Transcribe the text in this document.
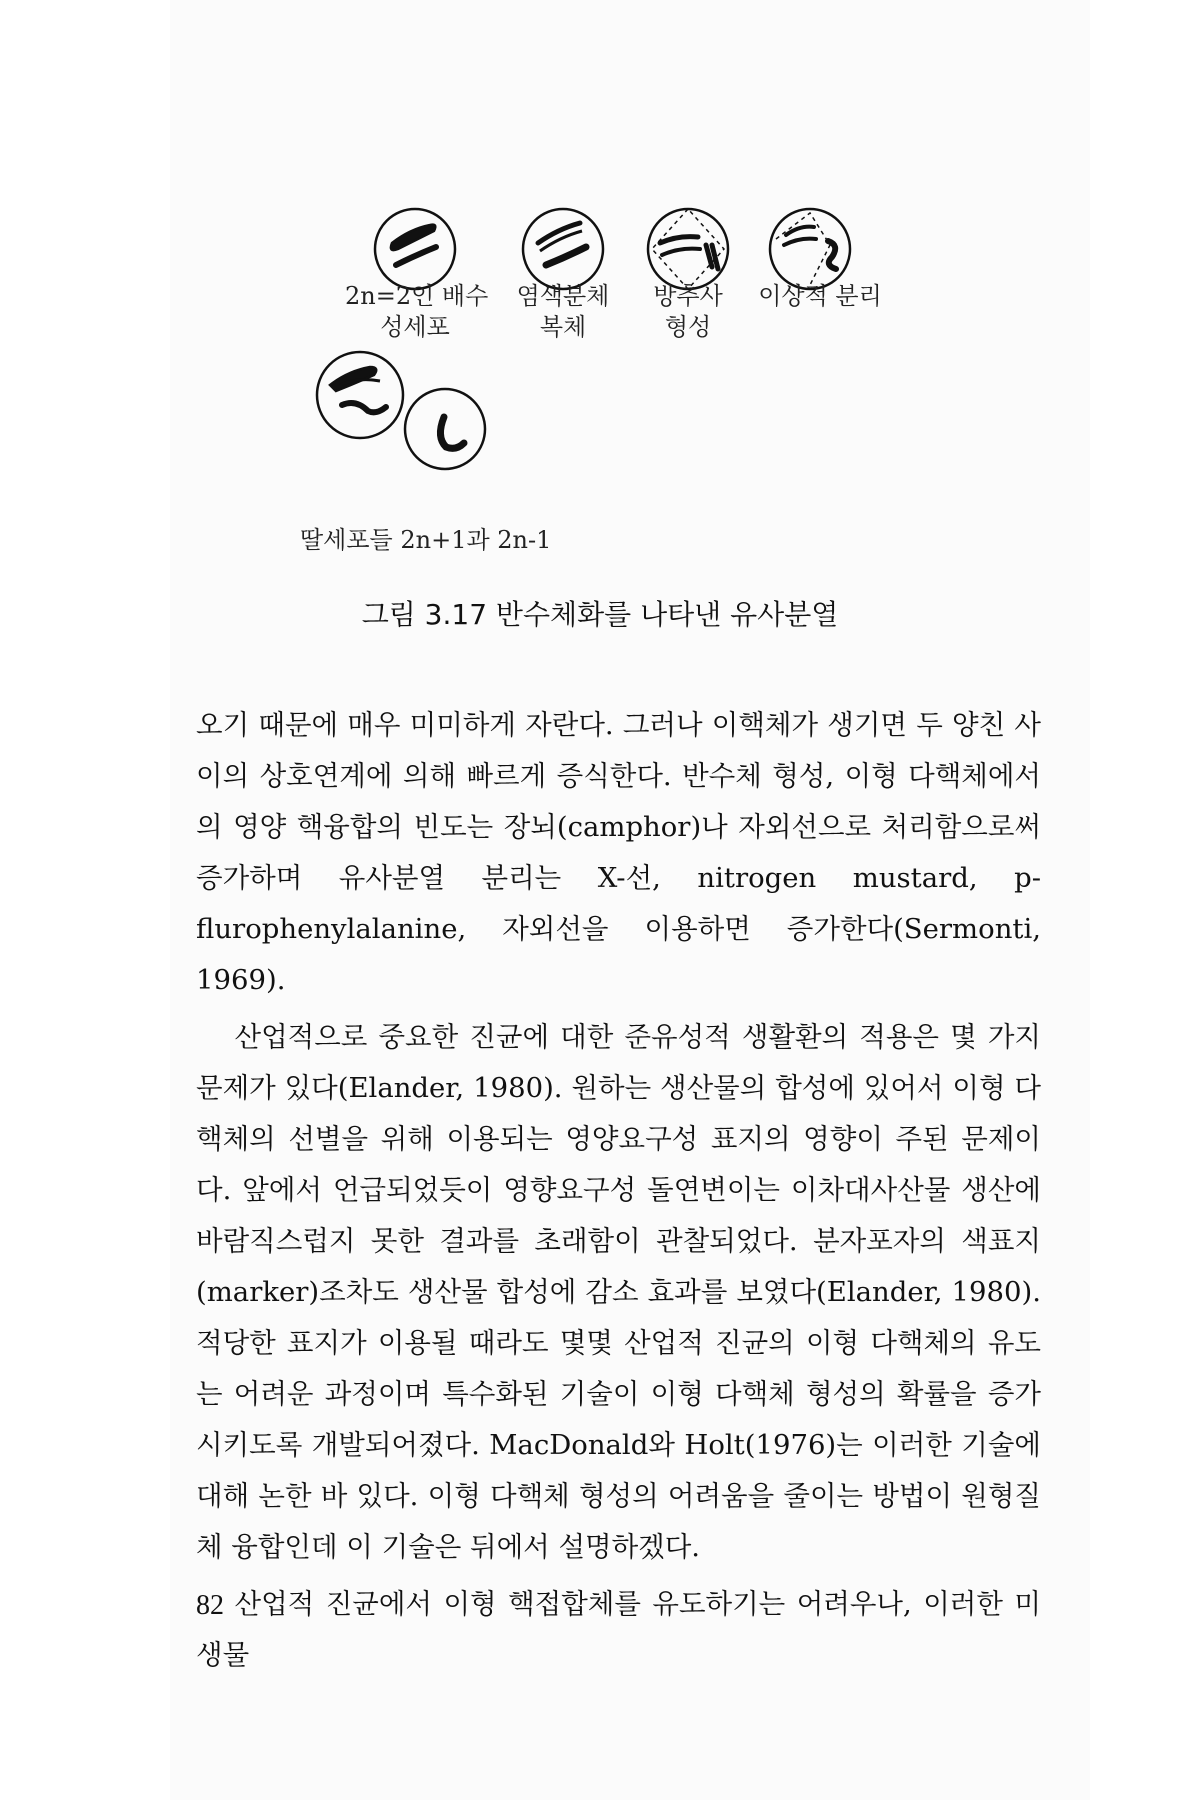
2n=2인 배수
성세포
염색분체
복체
방추사
형성
이상적 분리
딸세포들 2n+1과 2n-1
그림 3.17 반수체화를 나타낸 유사분열

오기 때문에 매우 미미하게 자란다. 그러나 이핵체가 생기면 두 양친 사이의 상호연계에 의해 빠르게 증식한다. 반수체 형성, 이형 다핵체에서의 영양 핵융합의 빈도는 장뇌(camphor)나 자외선으로 처리함으로써 증가하며 유사분열 분리는 X-선, nitrogen mustard, p-flurophenylalanine, 자외선을 이용하면 증가한다(Sermonti, 1969).

산업적으로 중요한 진균에 대한 준유성적 생활환의 적용은 몇 가지 문제가 있다(Elander, 1980). 원하는 생산물의 합성에 있어서 이형 다핵체의 선별을 위해 이용되는 영양요구성 표지의 영향이 주된 문제이다. 앞에서 언급되었듯이 영향요구성 돌연변이는 이차대사산물 생산에 바람직스럽지 못한 결과를 초래함이 관찰되었다. 분자포자의 색표지(marker)조차도 생산물 합성에 감소 효과를 보였다(Elander, 1980). 적당한 표지가 이용될 때라도 몇몇 산업적 진균의 이형 다핵체의 유도는 어려운 과정이며 특수화된 기술이 이형 다핵체 형성의 확률을 증가시키도록 개발되어졌다. MacDonald와 Holt(1976)는 이러한 기술에 대해 논한 바 있다. 이형 다핵체 형성의 어려움을 줄이는 방법이 원형질체 융합인데 이 기술은 뒤에서 설명하겠다.

산업적 진균에서 이형 핵접합체를 유도하기는 어려우나, 이러한 미생물

82
